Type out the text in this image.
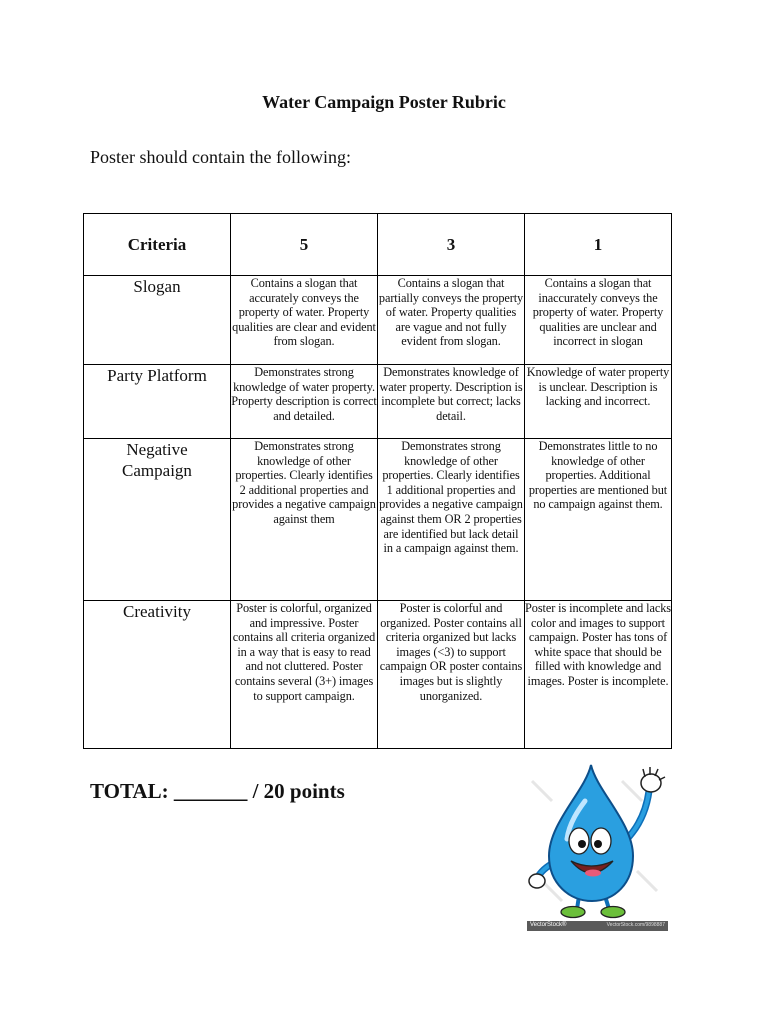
Water Campaign Poster Rubric
Poster should contain the following:
Criteria	5	3	1
Slogan	Contains a slogan that accurately conveys the property of water. Property qualities are clear and evident from slogan.	Contains a slogan that partially conveys the property of water. Property qualities are vague and not fully evident from slogan.	Contains a slogan that inaccurately conveys the property of water. Property qualities are unclear and incorrect in slogan
Party Platform	Demonstrates strong knowledge of water property. Property description is correct and detailed.	Demonstrates knowledge of water property. Description is incomplete but correct; lacks detail.	Knowledge of water property is unclear. Description is lacking and incorrect.
Negative Campaign	Demonstrates strong knowledge of other properties. Clearly identifies 2 additional properties and provides a negative campaign against them	Demonstrates strong knowledge of other properties. Clearly identifies 1 additional properties and provides a negative campaign against them OR 2 properties are identified but lack detail in a campaign against them.	Demonstrates little to no knowledge of other properties. Additional properties are mentioned but no campaign against them.
Creativity	Poster is colorful, organized and impressive. Poster contains all criteria organized in a way that is easy to read and not cluttered. Poster contains several (3+) images to support campaign.	Poster is colorful and organized. Poster contains all criteria organized but lacks images (<3) to support campaign OR poster contains images but is slightly unorganized.	Poster is incomplete and lacks color and images to support campaign. Poster has tons of white space that should be filled with knowledge and images. Poster is incomplete.
TOTAL: _______ / 20 points
VectorStock®	VectorStock.com/9898887
